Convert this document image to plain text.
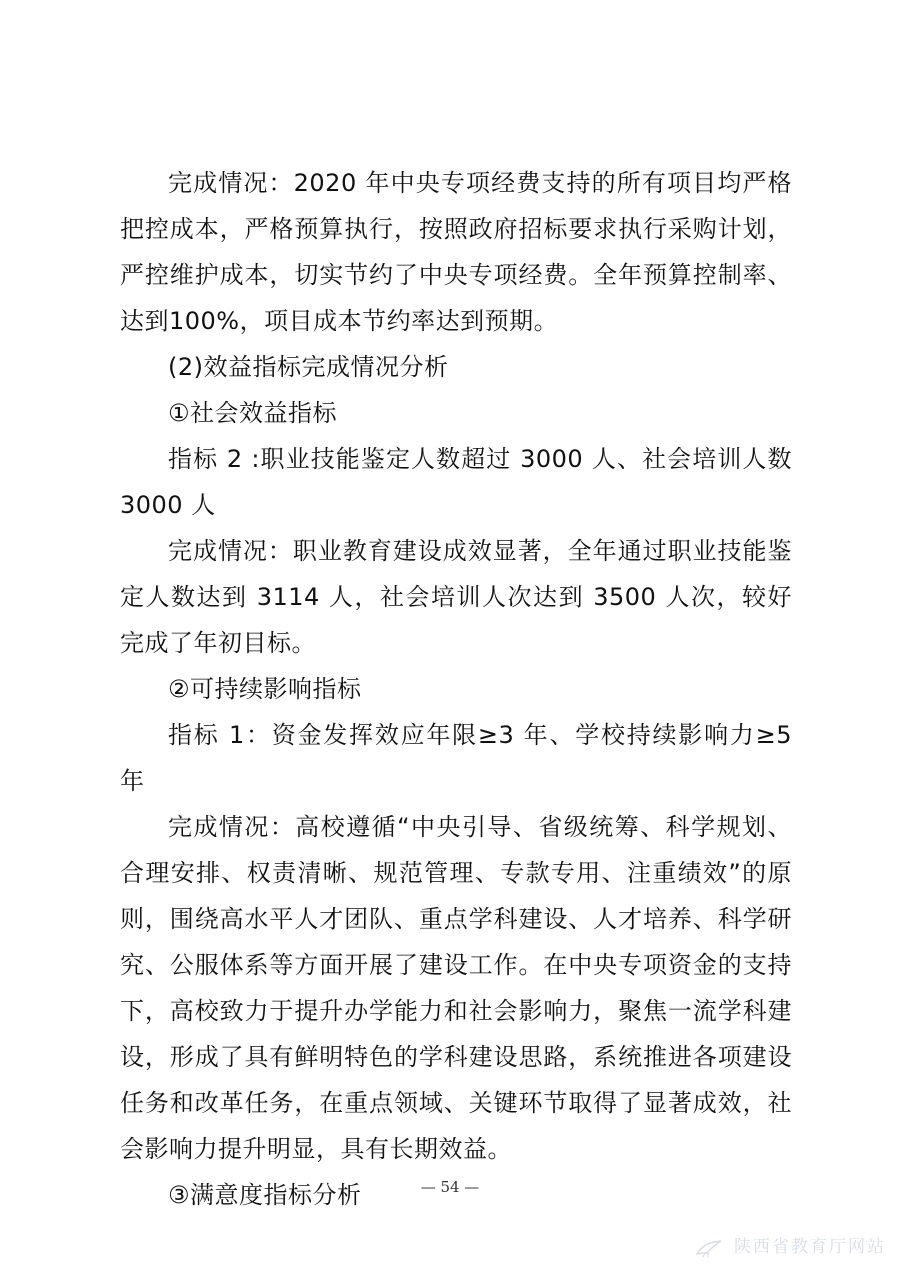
完成情况：2020 年中央专项经费支持的所有项目均严格把控成本，严格预算执行，按照政府招标要求执行采购计划，严控维护成本，切实节约了中央专项经费。全年预算控制率、达到100%，项目成本节约率达到预期。

(2)效益指标完成情况分析

①社会效益指标

指标 2 :职业技能鉴定人数超过 3000 人、社会培训人数 3000 人

完成情况：职业教育建设成效显著，全年通过职业技能鉴定人数达到 3114 人，社会培训人次达到 3500 人次，较好完成了年初目标。

②可持续影响指标

指标 1：资金发挥效应年限≥3 年、学校持续影响力≥5 年

完成情况：高校遵循“中央引导、省级统筹、科学规划、合理安排、权责清晰、规范管理、专款专用、注重绩效”的原则，围绕高水平人才团队、重点学科建设、人才培养、科学研究、公服体系等方面开展了建设工作。在中央专项资金的支持下，高校致力于提升办学能力和社会影响力，聚焦一流学科建设，形成了具有鲜明特色的学科建设思路，系统推进各项建设任务和改革任务，在重点领域、关键环节取得了显著成效，社会影响力提升明显，具有长期效益。

③满意度指标分析	— 54 —
陕西省教育厅网站
